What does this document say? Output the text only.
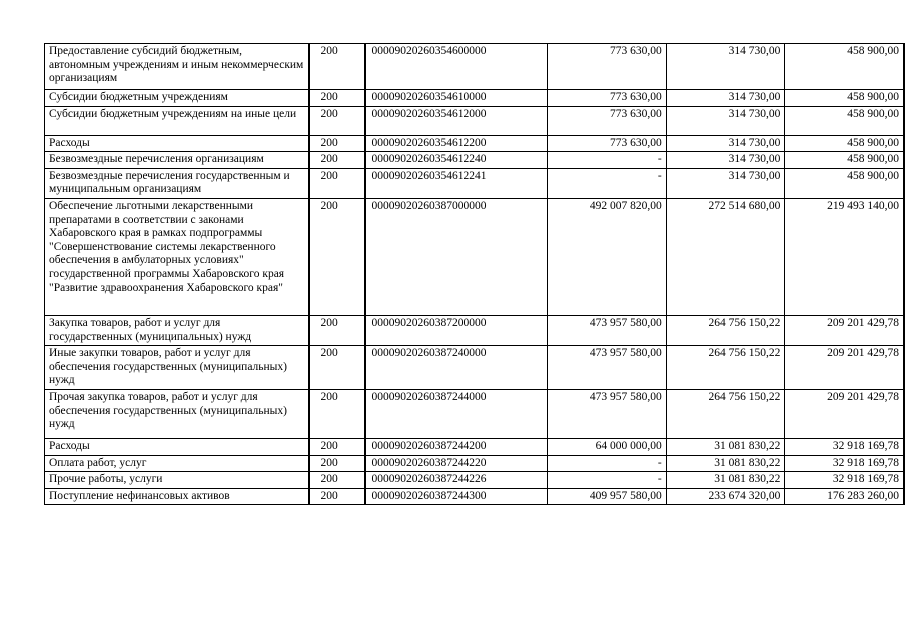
Предоставление субсидий бюджетным, автономным учреждениям и иным некоммерческим организациям	200	00009020260354600000	773 630,00	314 730,00	458 900,00
Субсидии бюджетным учреждениям	200	00009020260354610000	773 630,00	314 730,00	458 900,00
Субсидии бюджетным учреждениям на иные цели	200	00009020260354612000	773 630,00	314 730,00	458 900,00
Расходы	200	00009020260354612200	773 630,00	314 730,00	458 900,00
Безвозмездные перечисления организациям	200	00009020260354612240	-	314 730,00	458 900,00
Безвозмездные перечисления государственным и муниципальным организациям	200	00009020260354612241	-	314 730,00	458 900,00
Обеспечение льготными лекарственными препаратами в соответствии с законами Хабаровского края в рамках подпрограммы "Совершенствование системы лекарственного обеспечения в амбулаторных условиях" государственной программы Хабаровского края "Развитие здравоохранения Хабаровского края"	200	00009020260387000000	492 007 820,00	272 514 680,00	219 493 140,00
Закупка товаров, работ и услуг для государственных (муниципальных) нужд	200	00009020260387200000	473 957 580,00	264 756 150,22	209 201 429,78
Иные закупки товаров, работ и услуг для обеспечения государственных (муниципальных) нужд	200	00009020260387240000	473 957 580,00	264 756 150,22	209 201 429,78
Прочая закупка товаров, работ и услуг для обеспечения государственных (муниципальных) нужд	200	00009020260387244000	473 957 580,00	264 756 150,22	209 201 429,78
Расходы	200	00009020260387244200	64 000 000,00	31 081 830,22	32 918 169,78
Оплата работ, услуг	200	00009020260387244220	-	31 081 830,22	32 918 169,78
Прочие работы, услуги	200	00009020260387244226	-	31 081 830,22	32 918 169,78
Поступление нефинансовых активов	200	00009020260387244300	409 957 580,00	233 674 320,00	176 283 260,00
